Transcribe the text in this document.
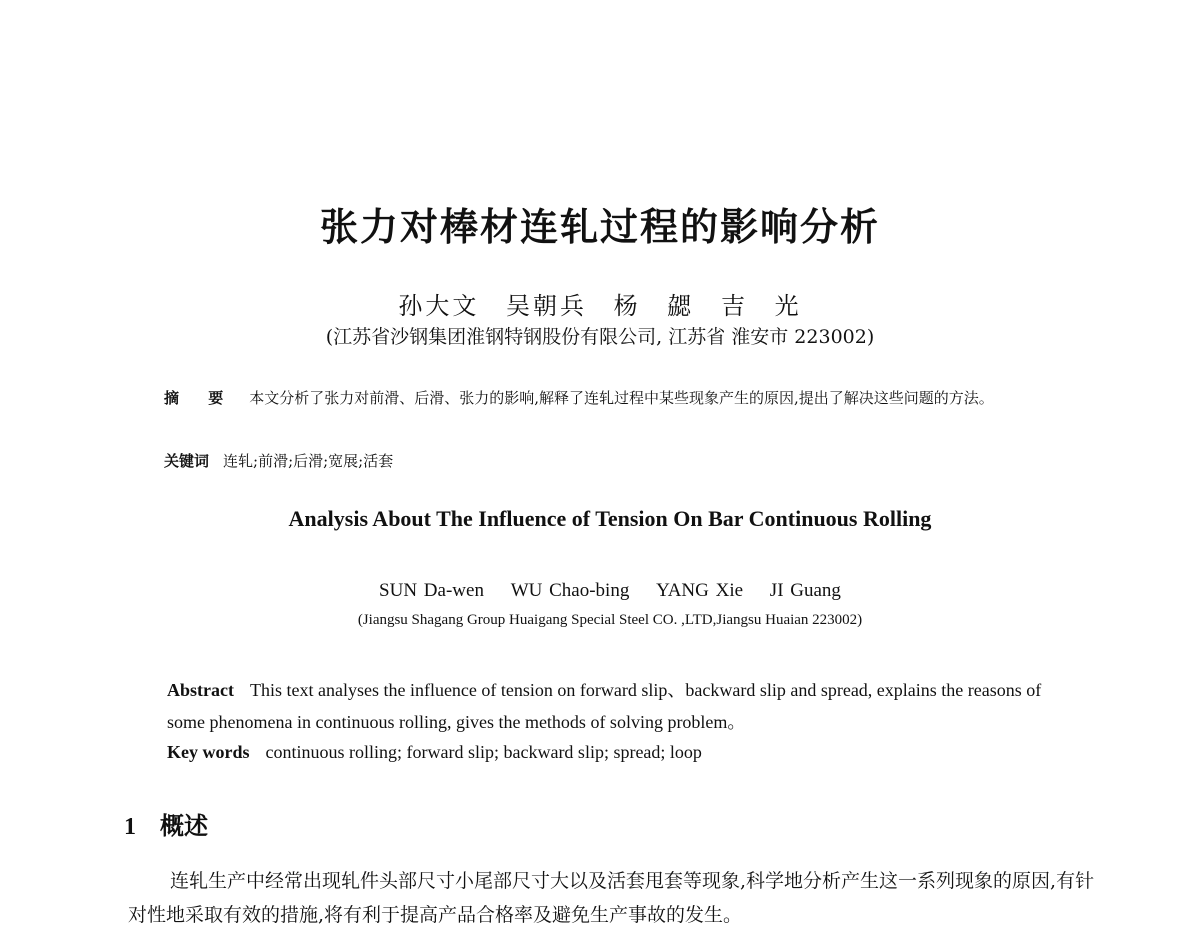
张力对棒材连轧过程的影响分析
孙大文 吴朝兵 杨 勰 吉 光
(江苏省沙钢集团淮钢特钢股份有限公司, 江苏省 淮安市 223002)
摘 要 本文分析了张力对前滑、后滑、张力的影响,解释了连轧过程中某些现象产生的原因,提出了解决这些问题的方法。
关键词 连轧;前滑;后滑;宽展;活套
Analysis About The Influence of Tension On Bar Continuous Rolling
SUN Da-wen WU Chao-bing YANG Xie JI Guang
(Jiangsu Shagang Group Huaigang Special Steel CO. ,LTD,Jiangsu Huaian 223002)
Abstract This text analyses the influence of tension on forward slip、backward slip and spread, explains the reasons of some phenomena in continuous rolling, gives the methods of solving problem。
Key words continuous rolling; forward slip; backward slip; spread; loop
1 概述
连轧生产中经常出现轧件头部尺寸小尾部尺寸大以及活套甩套等现象,科学地分析产生这一系列现象的原因,有针对性地采取有效的措施,将有利于提高产品合格率及避免生产事故的发生。
